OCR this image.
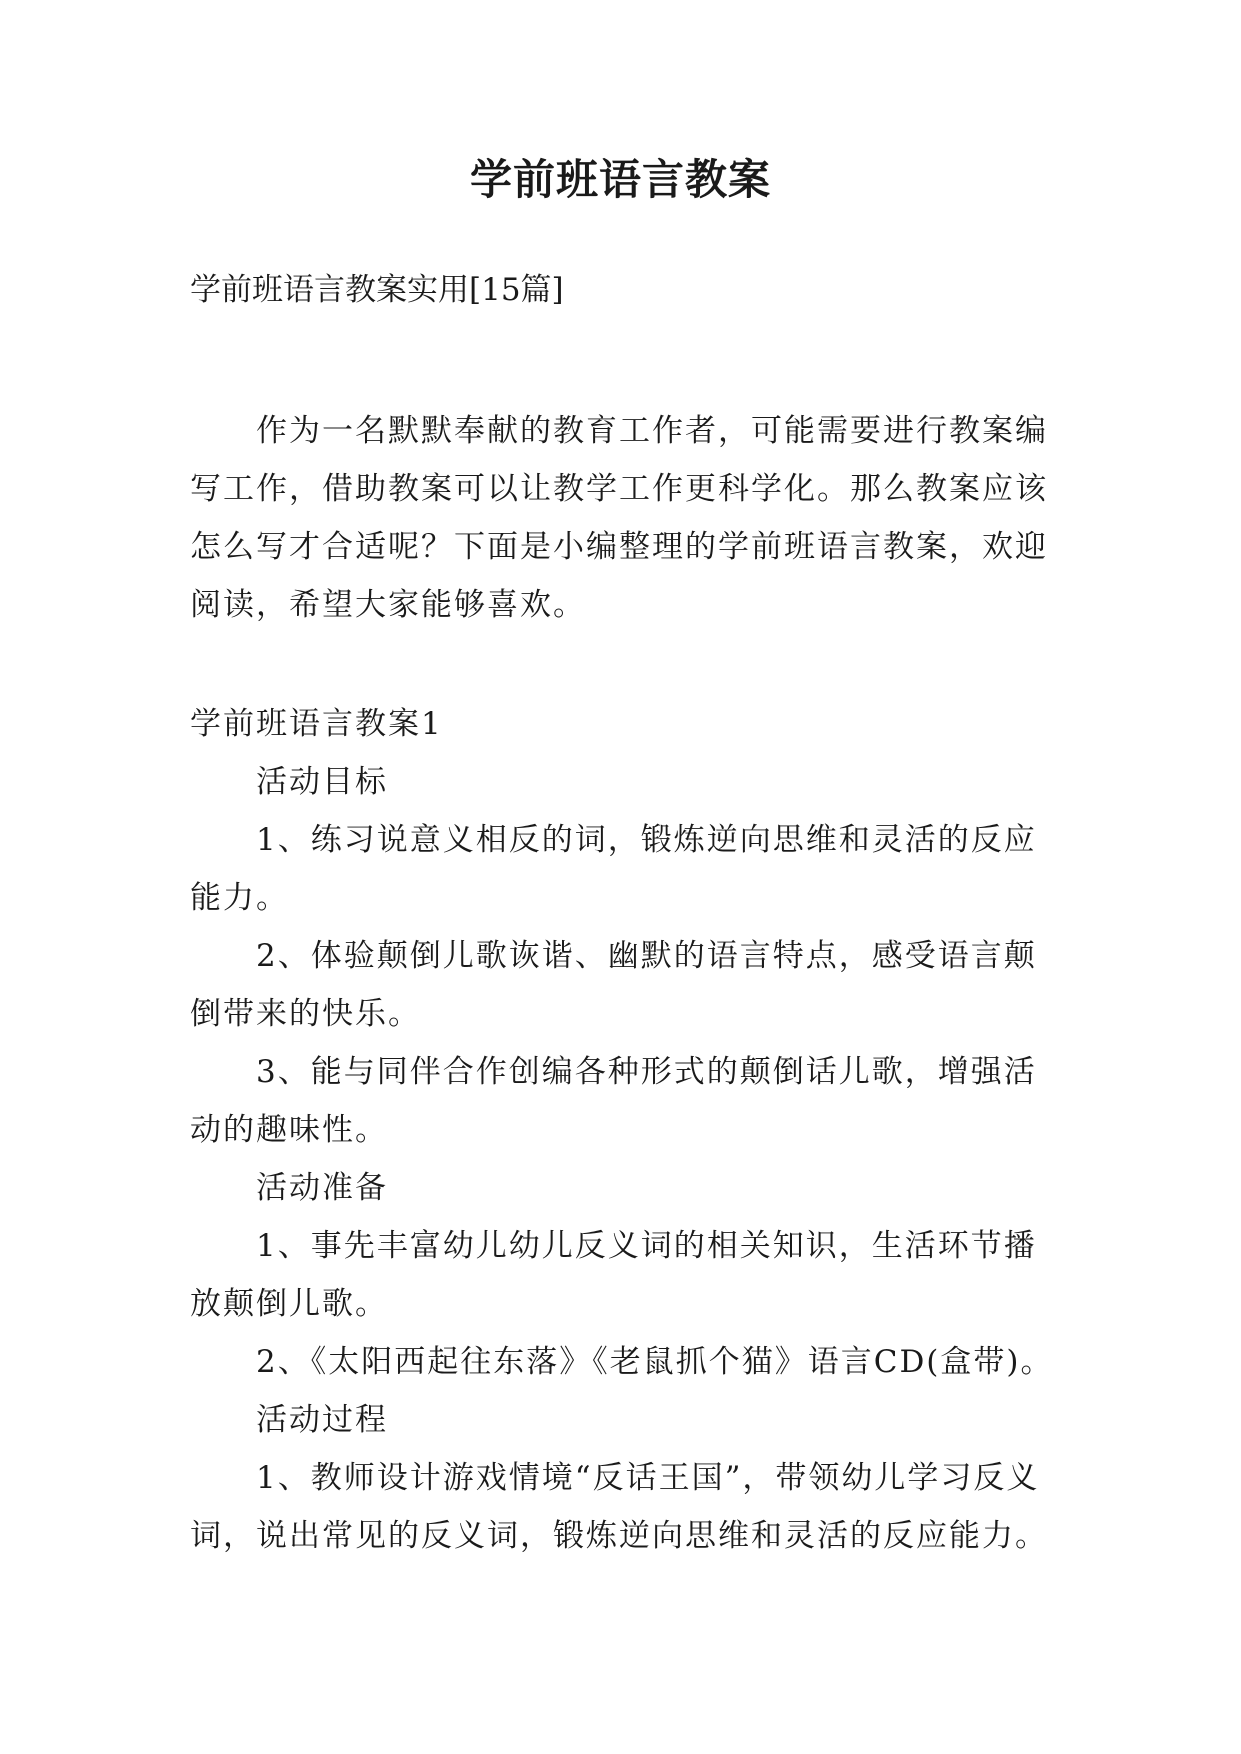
学前班语言教案

学前班语言教案实用[15篇]

作为一名默默奉献的教育工作者，可能需要进行教案编写工作，借助教案可以让教学工作更科学化。那么教案应该怎么写才合适呢？下面是小编整理的学前班语言教案，欢迎阅读，希望大家能够喜欢。

学前班语言教案1

活动目标

1、练习说意义相反的词，锻炼逆向思维和灵活的反应能力。

2、体验颠倒儿歌诙谐、幽默的语言特点，感受语言颠倒带来的快乐。

3、能与同伴合作创编各种形式的颠倒话儿歌，增强活动的趣味性。

活动准备

1、事先丰富幼儿幼儿反义词的相关知识，生活环节播放颠倒儿歌。

2、《太阳西起往东落》《老鼠抓个猫》语言CD(盒带)。

活动过程

1、教师设计游戏情境“反话王国”，带领幼儿学习反义词，说出常见的反义词，锻炼逆向思维和灵活的反应能力。
